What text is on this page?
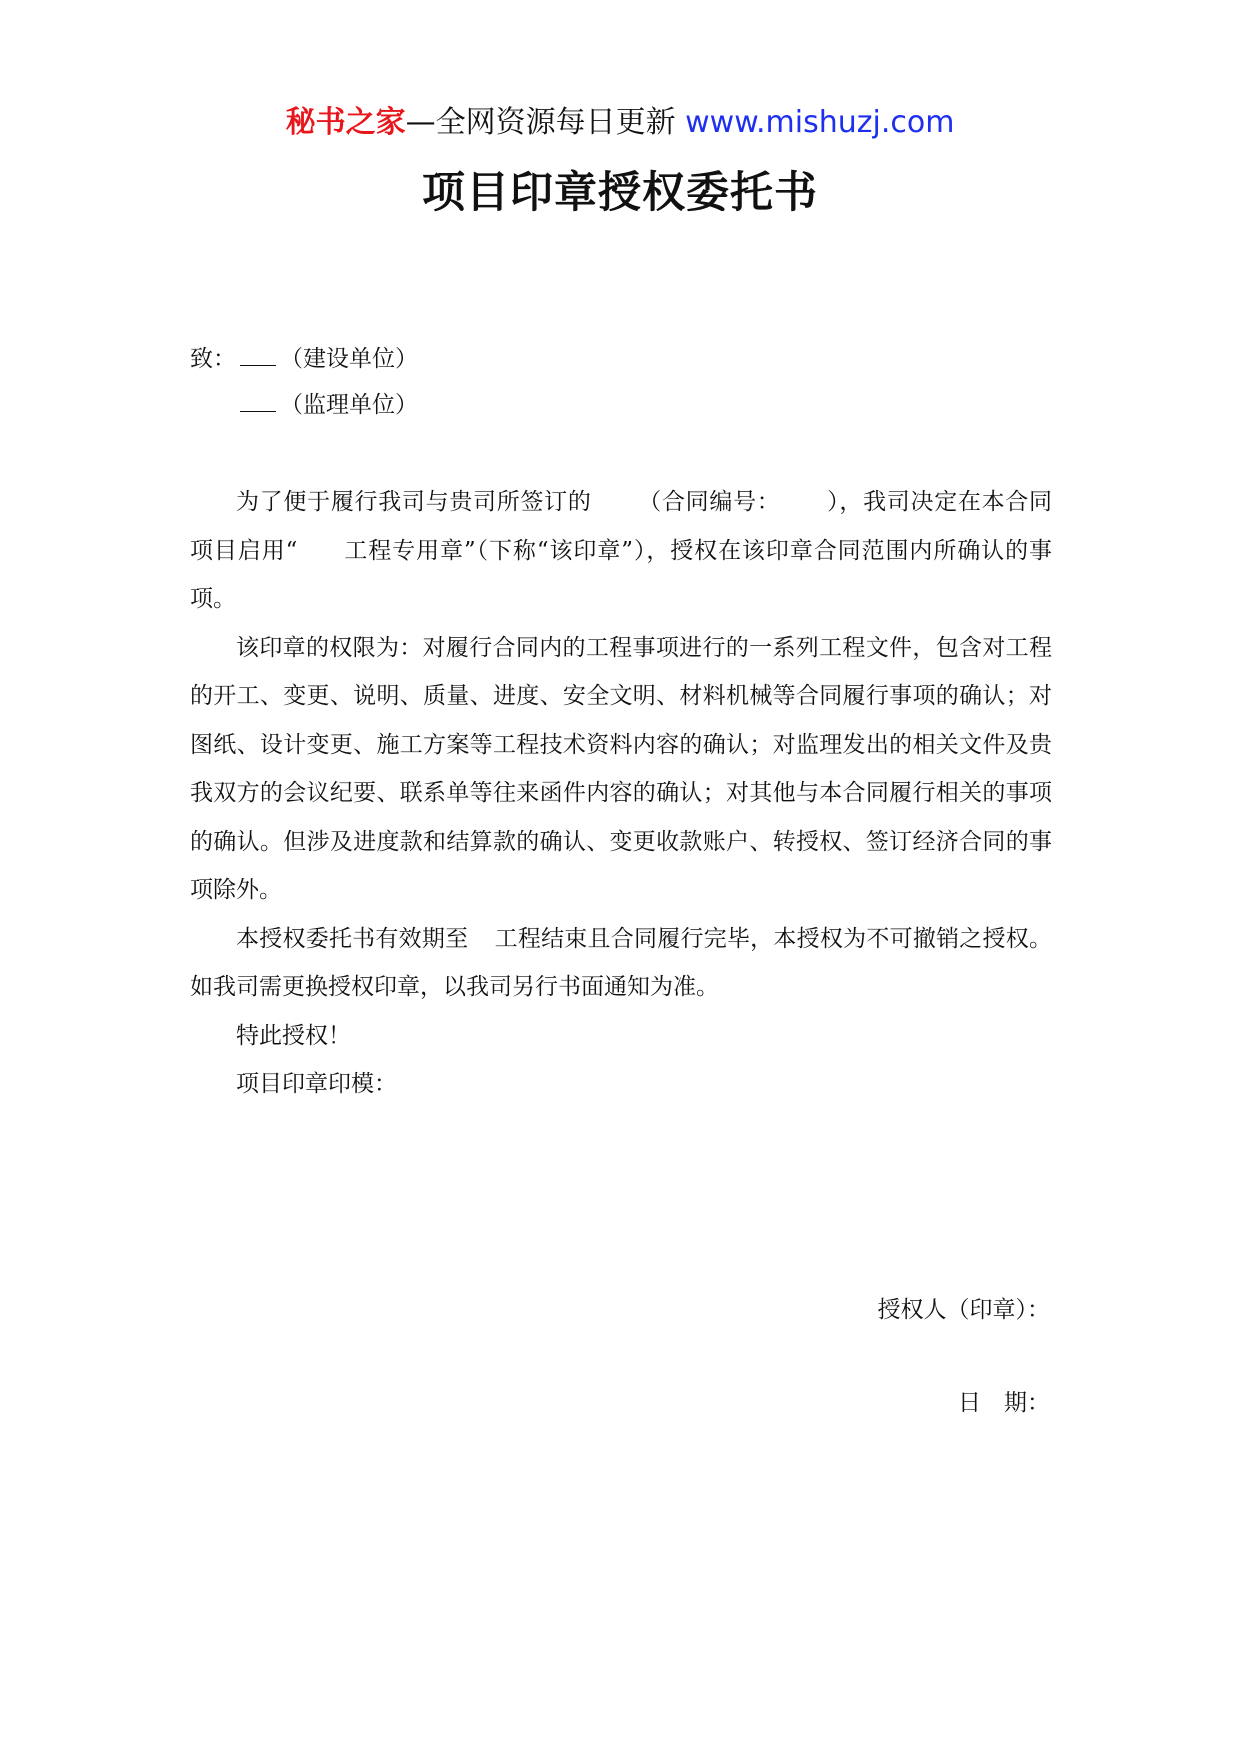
秘书之家—全网资源每日更新 www.mishuzj.com
项目印章授权委托书
致： （建设单位）
（监理单位）

为了便于履行我司与贵司所签订的 （合同编号： ），我司决定在本合同项目启用“ 工程专用章”（下称“该印章”），授权在该印章合同范围内所确认的事项。

该印章的权限为：对履行合同内的工程事项进行的一系列工程文件，包含对工程的开工、变更、说明、质量、进度、安全文明、材料机械等合同履行事项的确认；对图纸、设计变更、施工方案等工程技术资料内容的确认；对监理发出的相关文件及贵我双方的会议纪要、联系单等往来函件内容的确认；对其他与本合同履行相关的事项的确认。但涉及进度款和结算款的确认、变更收款账户、转授权、签订经济合同的事项除外。

本授权委托书有效期至 工程结束且合同履行完毕，本授权为不可撤销之授权。如我司需更换授权印章，以我司另行书面通知为准。

特此授权！

项目印章印模：

授权人（印章）：
日　期：
